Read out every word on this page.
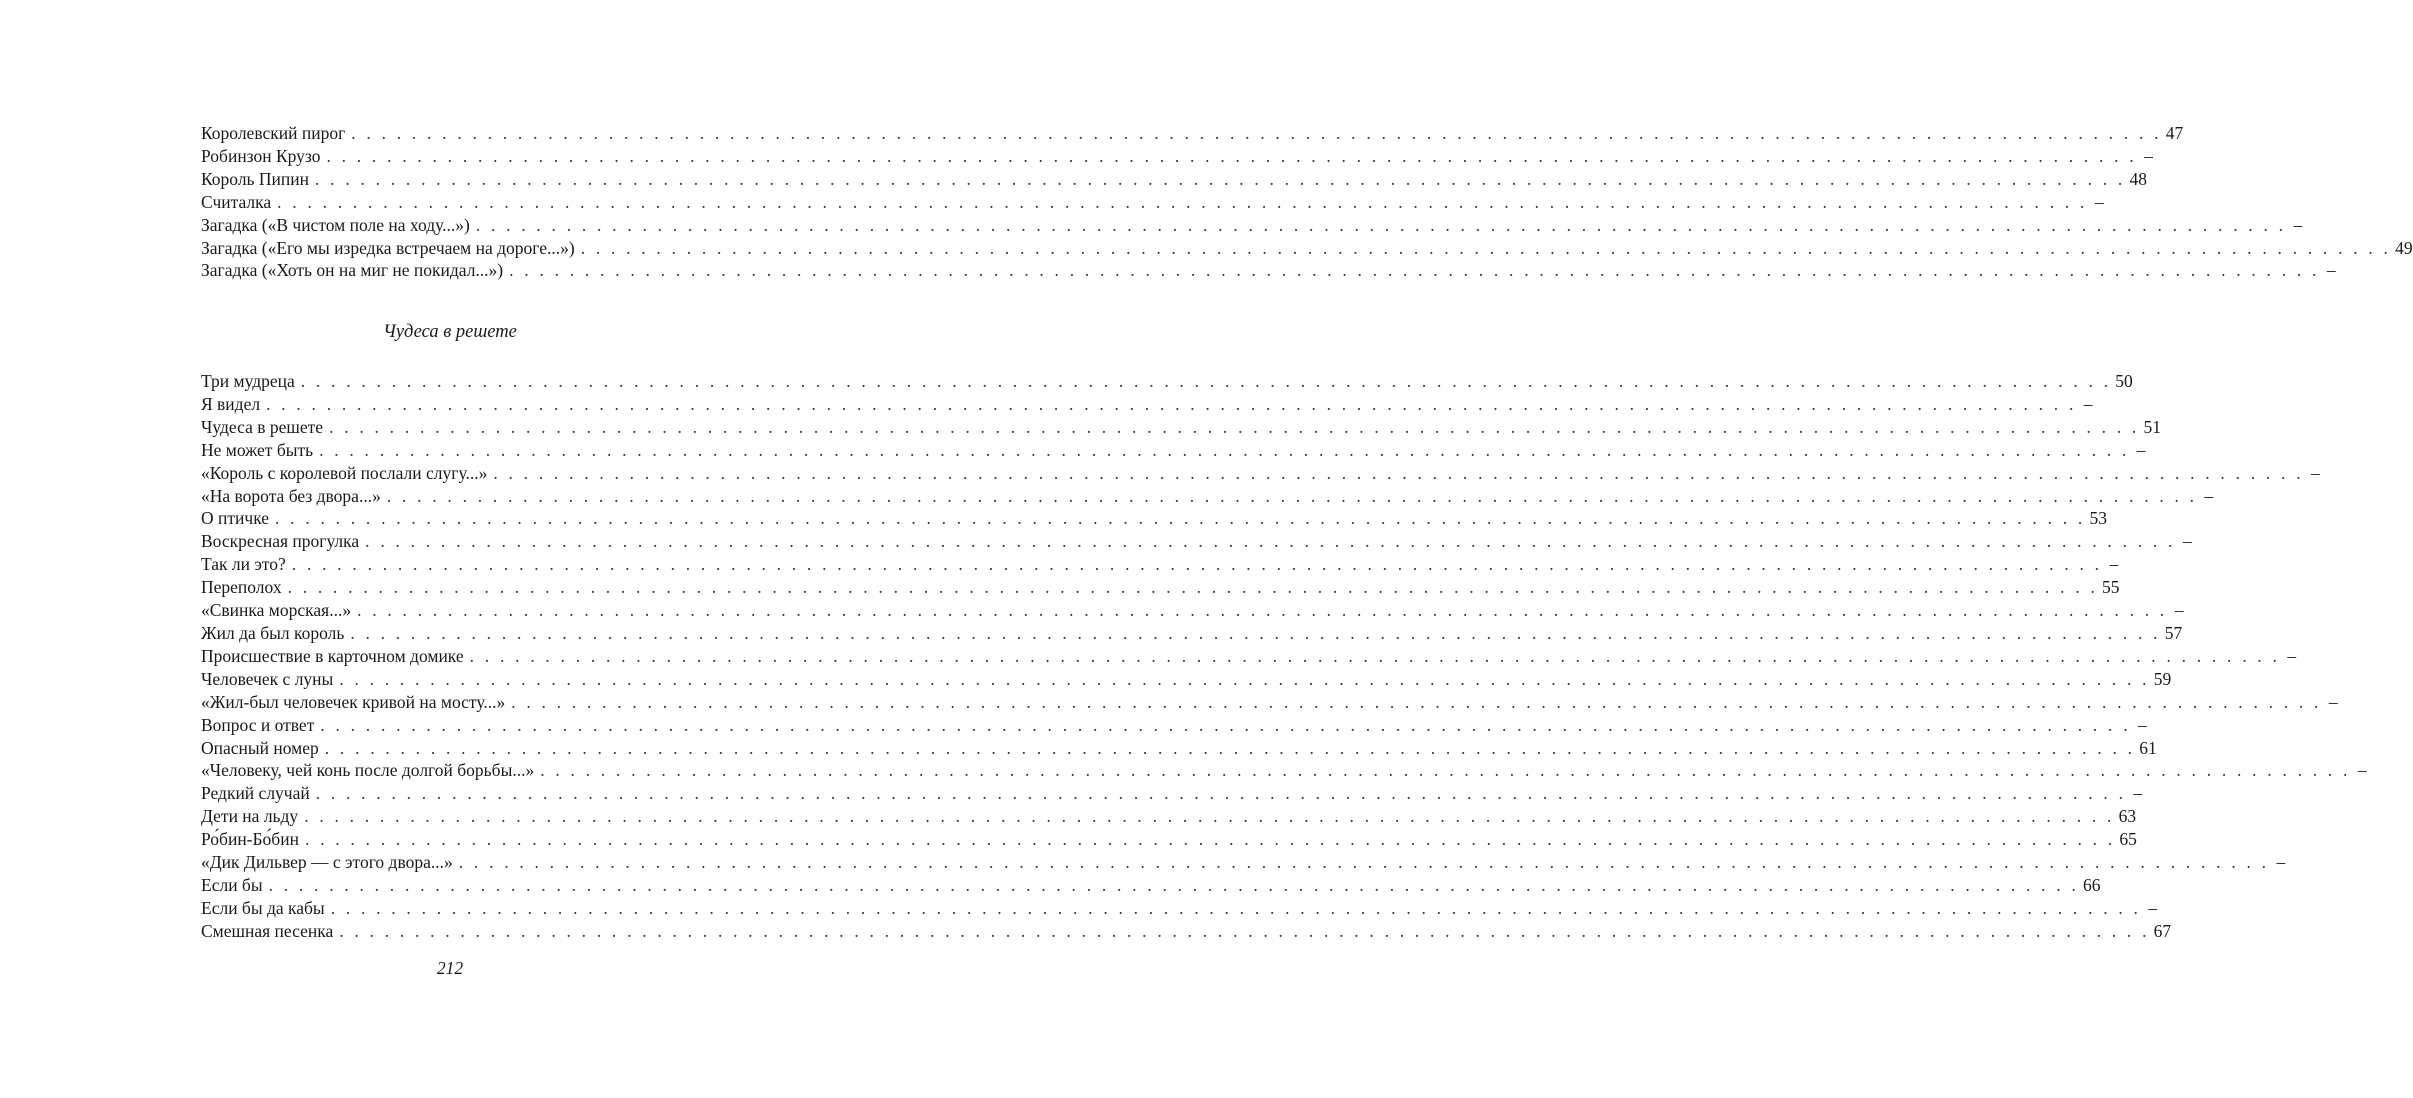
Королевский пирог . . . . . . . . . . . . . . . . . . . . . . . . . . . . . . . . . . . . . . . . . . . . . . . . . . . . . . . . . . . . . . . . . . . . . . . . . . . . . . . . . . . . . . . . . . . . . . . . . . . . . . . . . . . . . . . . . . . . . . . . 47
Робинзон Крузо . . . . . . . . . . . . . . . . . . . . . . . . . . . . . . . . . . . . . . . . . . . . . . . . . . . . . . . . . . . . . . . . . . . . . . . . . . . . . . . . . . . . . . . . . . . . . . . . . . . . . . . . . . . . . . . . . . . . . . . . –
Король Пипин . . . . . . . . . . . . . . . . . . . . . . . . . . . . . . . . . . . . . . . . . . . . . . . . . . . . . . . . . . . . . . . . . . . . . . . . . . . . . . . . . . . . . . . . . . . . . . . . . . . . . . . . . . . . . . . . . . . . . . . . 48
Считалка . . . . . . . . . . . . . . . . . . . . . . . . . . . . . . . . . . . . . . . . . . . . . . . . . . . . . . . . . . . . . . . . . . . . . . . . . . . . . . . . . . . . . . . . . . . . . . . . . . . . . . . . . . . . . . . . . . . . . . . . –
Загадка («В чистом поле на ходу...») . . . . . . . . . . . . . . . . . . . . . . . . . . . . . . . . . . . . . . . . . . . . . . . . . . . . . . . . . . . . . . . . . . . . . . . . . . . . . . . . . . . . . . . . . . . . . . . . . . . . . . . . . . . . . . . . . . . . . . . . –
Загадка («Его мы изредка встречаем на дороге...») . . . . . . . . . . . . . . . . . . . . . . . . . . . . . . . . . . . . . . . . . . . . . . . . . . . . . . . . . . . . . . . . . . . . . . . . . . . . . . . . . . . . . . . . . . . . . . . . . . . . . . . . . . . . . . . . . . . . . . . . 49
Загадка («Хоть он на миг не покидал...») . . . . . . . . . . . . . . . . . . . . . . . . . . . . . . . . . . . . . . . . . . . . . . . . . . . . . . . . . . . . . . . . . . . . . . . . . . . . . . . . . . . . . . . . . . . . . . . . . . . . . . . . . . . . . . . . . . . . . . . . –
Чудеса в решете
Три мудреца . . . . . . . . . . . . . . . . . . . . . . . . . . . . . . . . . . . . . . . . . . . . . . . . . . . . . . . . . . . . . . . . . . . . . . . . . . . . . . . . . . . . . . . . . . . . . . . . . . . . . . . . . . . . . . . . . . . . . . . . 50
Я видел . . . . . . . . . . . . . . . . . . . . . . . . . . . . . . . . . . . . . . . . . . . . . . . . . . . . . . . . . . . . . . . . . . . . . . . . . . . . . . . . . . . . . . . . . . . . . . . . . . . . . . . . . . . . . . . . . . . . . . . . –
Чудеса в решете . . . . . . . . . . . . . . . . . . . . . . . . . . . . . . . . . . . . . . . . . . . . . . . . . . . . . . . . . . . . . . . . . . . . . . . . . . . . . . . . . . . . . . . . . . . . . . . . . . . . . . . . . . . . . . . . . . . . . . . . 51
Не может быть . . . . . . . . . . . . . . . . . . . . . . . . . . . . . . . . . . . . . . . . . . . . . . . . . . . . . . . . . . . . . . . . . . . . . . . . . . . . . . . . . . . . . . . . . . . . . . . . . . . . . . . . . . . . . . . . . . . . . . . . –
«Король с королевой послали слугу...» . . . . . . . . . . . . . . . . . . . . . . . . . . . . . . . . . . . . . . . . . . . . . . . . . . . . . . . . . . . . . . . . . . . . . . . . . . . . . . . . . . . . . . . . . . . . . . . . . . . . . . . . . . . . . . . . . . . . . . . . –
«На ворота без двора...» . . . . . . . . . . . . . . . . . . . . . . . . . . . . . . . . . . . . . . . . . . . . . . . . . . . . . . . . . . . . . . . . . . . . . . . . . . . . . . . . . . . . . . . . . . . . . . . . . . . . . . . . . . . . . . . . . . . . . . . . –
О птичке . . . . . . . . . . . . . . . . . . . . . . . . . . . . . . . . . . . . . . . . . . . . . . . . . . . . . . . . . . . . . . . . . . . . . . . . . . . . . . . . . . . . . . . . . . . . . . . . . . . . . . . . . . . . . . . . . . . . . . . . 53
Воскресная прогулка . . . . . . . . . . . . . . . . . . . . . . . . . . . . . . . . . . . . . . . . . . . . . . . . . . . . . . . . . . . . . . . . . . . . . . . . . . . . . . . . . . . . . . . . . . . . . . . . . . . . . . . . . . . . . . . . . . . . . . . . –
Так ли это? . . . . . . . . . . . . . . . . . . . . . . . . . . . . . . . . . . . . . . . . . . . . . . . . . . . . . . . . . . . . . . . . . . . . . . . . . . . . . . . . . . . . . . . . . . . . . . . . . . . . . . . . . . . . . . . . . . . . . . . . –
Переполох . . . . . . . . . . . . . . . . . . . . . . . . . . . . . . . . . . . . . . . . . . . . . . . . . . . . . . . . . . . . . . . . . . . . . . . . . . . . . . . . . . . . . . . . . . . . . . . . . . . . . . . . . . . . . . . . . . . . . . . . 55
«Свинка морская...» . . . . . . . . . . . . . . . . . . . . . . . . . . . . . . . . . . . . . . . . . . . . . . . . . . . . . . . . . . . . . . . . . . . . . . . . . . . . . . . . . . . . . . . . . . . . . . . . . . . . . . . . . . . . . . . . . . . . . . . . –
Жил да был король . . . . . . . . . . . . . . . . . . . . . . . . . . . . . . . . . . . . . . . . . . . . . . . . . . . . . . . . . . . . . . . . . . . . . . . . . . . . . . . . . . . . . . . . . . . . . . . . . . . . . . . . . . . . . . . . . . . . . . . . 57
Происшествие в карточном домике . . . . . . . . . . . . . . . . . . . . . . . . . . . . . . . . . . . . . . . . . . . . . . . . . . . . . . . . . . . . . . . . . . . . . . . . . . . . . . . . . . . . . . . . . . . . . . . . . . . . . . . . . . . . . . . . . . . . . . . . –
Человечек с луны . . . . . . . . . . . . . . . . . . . . . . . . . . . . . . . . . . . . . . . . . . . . . . . . . . . . . . . . . . . . . . . . . . . . . . . . . . . . . . . . . . . . . . . . . . . . . . . . . . . . . . . . . . . . . . . . . . . . . . . . 59
«Жил-был человечек кривой на мосту...» . . . . . . . . . . . . . . . . . . . . . . . . . . . . . . . . . . . . . . . . . . . . . . . . . . . . . . . . . . . . . . . . . . . . . . . . . . . . . . . . . . . . . . . . . . . . . . . . . . . . . . . . . . . . . . . . . . . . . . . . –
Вопрос и ответ . . . . . . . . . . . . . . . . . . . . . . . . . . . . . . . . . . . . . . . . . . . . . . . . . . . . . . . . . . . . . . . . . . . . . . . . . . . . . . . . . . . . . . . . . . . . . . . . . . . . . . . . . . . . . . . . . . . . . . . . –
Опасный номер . . . . . . . . . . . . . . . . . . . . . . . . . . . . . . . . . . . . . . . . . . . . . . . . . . . . . . . . . . . . . . . . . . . . . . . . . . . . . . . . . . . . . . . . . . . . . . . . . . . . . . . . . . . . . . . . . . . . . . . . 61
«Человеку, чей конь после долгой борьбы...» . . . . . . . . . . . . . . . . . . . . . . . . . . . . . . . . . . . . . . . . . . . . . . . . . . . . . . . . . . . . . . . . . . . . . . . . . . . . . . . . . . . . . . . . . . . . . . . . . . . . . . . . . . . . . . . . . . . . . . . . –
Редкий случай . . . . . . . . . . . . . . . . . . . . . . . . . . . . . . . . . . . . . . . . . . . . . . . . . . . . . . . . . . . . . . . . . . . . . . . . . . . . . . . . . . . . . . . . . . . . . . . . . . . . . . . . . . . . . . . . . . . . . . . . –
Дети на льду . . . . . . . . . . . . . . . . . . . . . . . . . . . . . . . . . . . . . . . . . . . . . . . . . . . . . . . . . . . . . . . . . . . . . . . . . . . . . . . . . . . . . . . . . . . . . . . . . . . . . . . . . . . . . . . . . . . . . . . . 63
Ро́бин-Бо́бин . . . . . . . . . . . . . . . . . . . . . . . . . . . . . . . . . . . . . . . . . . . . . . . . . . . . . . . . . . . . . . . . . . . . . . . . . . . . . . . . . . . . . . . . . . . . . . . . . . . . . . . . . . . . . . . . . . . . . . . . 65
«Дик Дильвер — с этого двора...» . . . . . . . . . . . . . . . . . . . . . . . . . . . . . . . . . . . . . . . . . . . . . . . . . . . . . . . . . . . . . . . . . . . . . . . . . . . . . . . . . . . . . . . . . . . . . . . . . . . . . . . . . . . . . . . . . . . . . . . . –
Если бы . . . . . . . . . . . . . . . . . . . . . . . . . . . . . . . . . . . . . . . . . . . . . . . . . . . . . . . . . . . . . . . . . . . . . . . . . . . . . . . . . . . . . . . . . . . . . . . . . . . . . . . . . . . . . . . . . . . . . . . . 66
Если бы да кабы . . . . . . . . . . . . . . . . . . . . . . . . . . . . . . . . . . . . . . . . . . . . . . . . . . . . . . . . . . . . . . . . . . . . . . . . . . . . . . . . . . . . . . . . . . . . . . . . . . . . . . . . . . . . . . . . . . . . . . . . –
Смешная песенка . . . . . . . . . . . . . . . . . . . . . . . . . . . . . . . . . . . . . . . . . . . . . . . . . . . . . . . . . . . . . . . . . . . . . . . . . . . . . . . . . . . . . . . . . . . . . . . . . . . . . . . . . . . . . . . . . . . . . . . . 67
212
